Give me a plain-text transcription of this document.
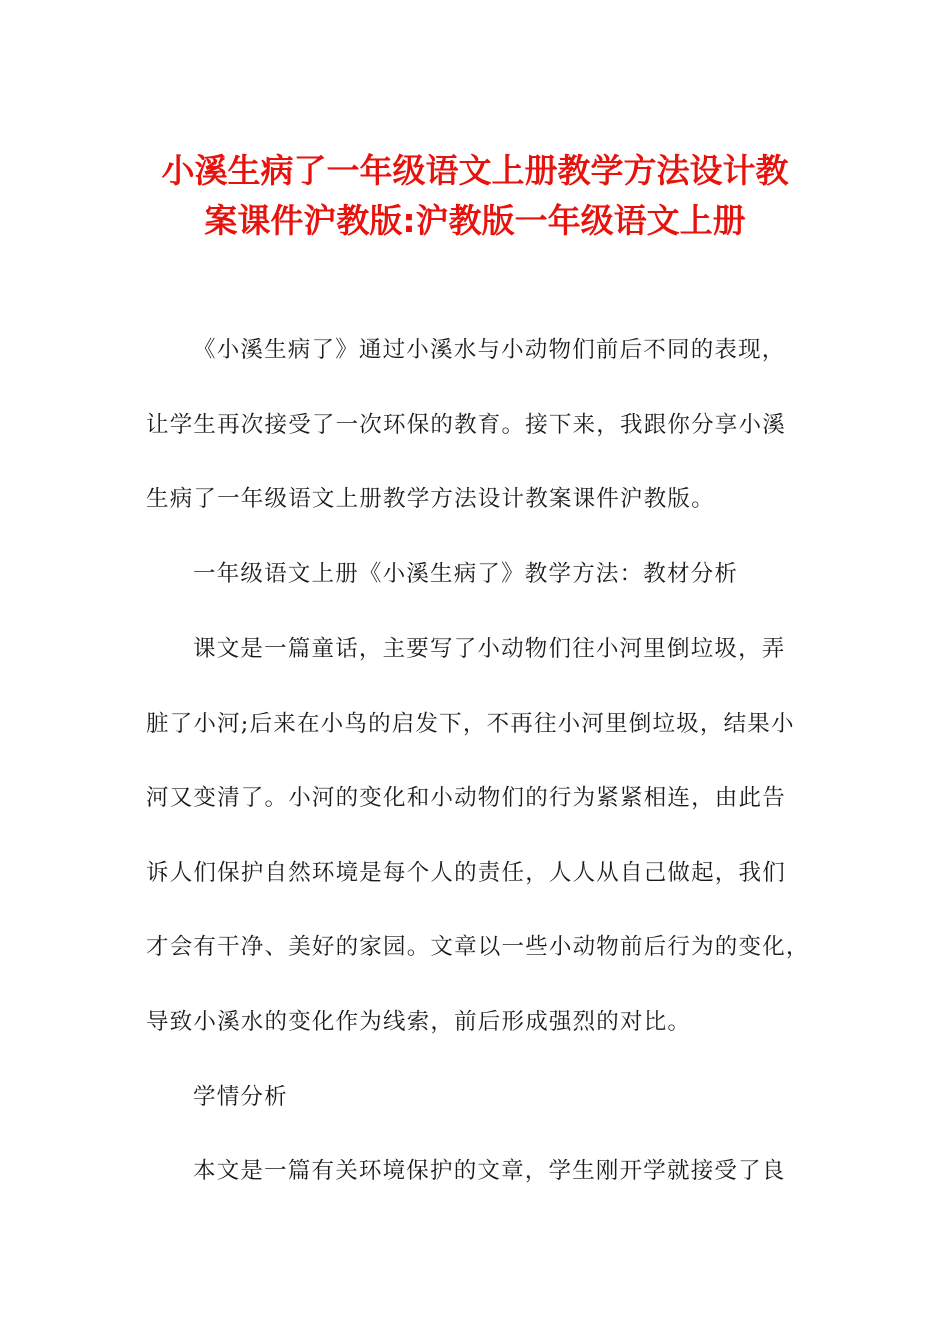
小溪生病了一年级语文上册教学方法设计教
案课件沪教版:沪教版一年级语文上册

《小溪生病了》通过小溪水与小动物们前后不同的表现，

让学生再次接受了一次环保的教育。接下来，我跟你分享小溪

生病了一年级语文上册教学方法设计教案课件沪教版。

一年级语文上册《小溪生病了》教学方法：教材分析

课文是一篇童话，主要写了小动物们往小河里倒垃圾，弄

脏了小河;后来在小鸟的启发下，不再往小河里倒垃圾，结果小

河又变清了。小河的变化和小动物们的行为紧紧相连，由此告

诉人们保护自然环境是每个人的责任，人人从自己做起，我们

才会有干净、美好的家园。文章以一些小动物前后行为的变化，

导致小溪水的变化作为线索，前后形成强烈的对比。

学情分析

本文是一篇有关环境保护的文章，学生刚开学就接受了良
